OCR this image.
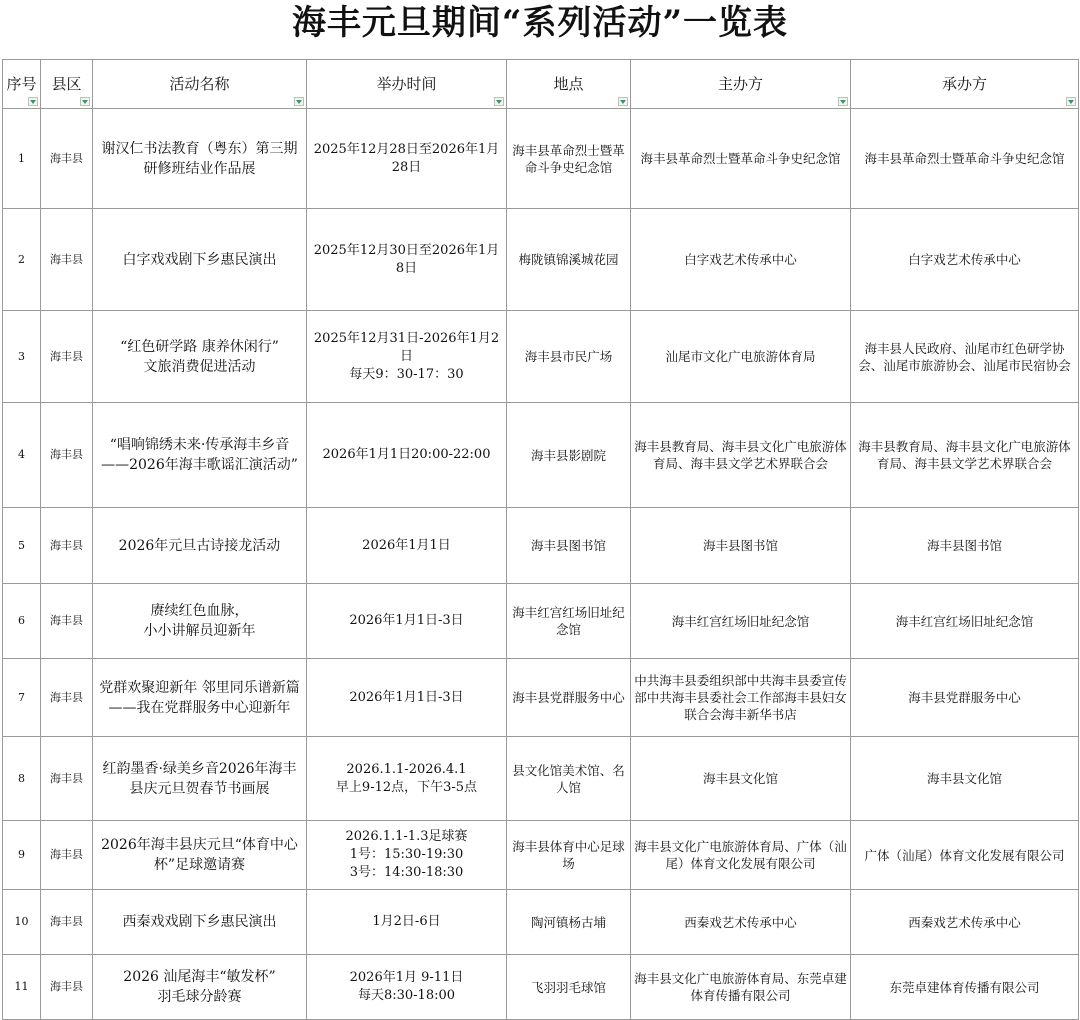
海丰元旦期间“系列活动”一览表
序号	县区	活动名称	举办时间	地点	主办方	承办方

1	海丰县	谢汉仁书法教育（粤东）第三期研修班结业作品展	2025年12月28日至2026年1月28日	海丰县革命烈士暨革命斗争史纪念馆	海丰县革命烈士暨革命斗争史纪念馆	海丰县革命烈士暨革命斗争史纪念馆
2	海丰县	白字戏戏剧下乡惠民演出	2025年12月30日至2026年1月8日	梅陇镇锦溪城花园	白字戏艺术传承中心	白字戏艺术传承中心
3	海丰县	“红色研学路 康养休闲行”
文旅消费促进活动	2025年12月31日-2026年1月2日
每天9：30-17：30	海丰县市民广场	汕尾市文化广电旅游体育局	海丰县人民政府、汕尾市红色研学协会、汕尾市旅游协会、汕尾市民宿协会
4	海丰县	“唱响锦绣未来·传承海丰乡音——2026年海丰歌谣汇演活动”	2026年1月1日20:00-22:00	海丰县影剧院	海丰县教育局、海丰县文化广电旅游体育局、海丰县文学艺术界联合会	海丰县教育局、海丰县文化广电旅游体育局、海丰县文学艺术界联合会
5	海丰县	2026年元旦古诗接龙活动	2026年1月1日	海丰县图书馆	海丰县图书馆	海丰县图书馆
6	海丰县	赓续红色血脉，
小小讲解员迎新年	2026年1月1日-3日	海丰红宫红场旧址纪念馆	海丰红宫红场旧址纪念馆	海丰红宫红场旧址纪念馆
7	海丰县	党群欢聚迎新年 邻里同乐谱新篇——我在党群服务中心迎新年	2026年1月1日-3日	海丰县党群服务中心	中共海丰县委组织部中共海丰县委宣传部中共海丰县委社会工作部海丰县妇女联合会海丰新华书店	海丰县党群服务中心
8	海丰县	红韵墨香·绿美乡音2026年海丰县庆元旦贺春节书画展	2026.1.1-2026.4.1
早上9-12点，下午3-5点	县文化馆美术馆、名人馆	海丰县文化馆	海丰县文化馆
9	海丰县	2026年海丰县庆元旦“体育中心杯”足球邀请赛	2026.1.1-1.3足球赛
1号：15:30-19:30
3号：14:30-18:30	海丰县体育中心足球场	海丰县文化广电旅游体育局、广体（汕尾）体育文化发展有限公司	广体（汕尾）体育文化发展有限公司
10	海丰县	西秦戏戏剧下乡惠民演出	1月2日-6日	陶河镇杨古埔	西秦戏艺术传承中心	西秦戏艺术传承中心
11	海丰县	2026 汕尾海丰“敏发杯”
羽毛球分龄赛	2026年1月 9-11日
每天8:30-18:00	飞羽羽毛球馆	海丰县文化广电旅游体育局、东莞卓建体育传播有限公司	东莞卓建体育传播有限公司
